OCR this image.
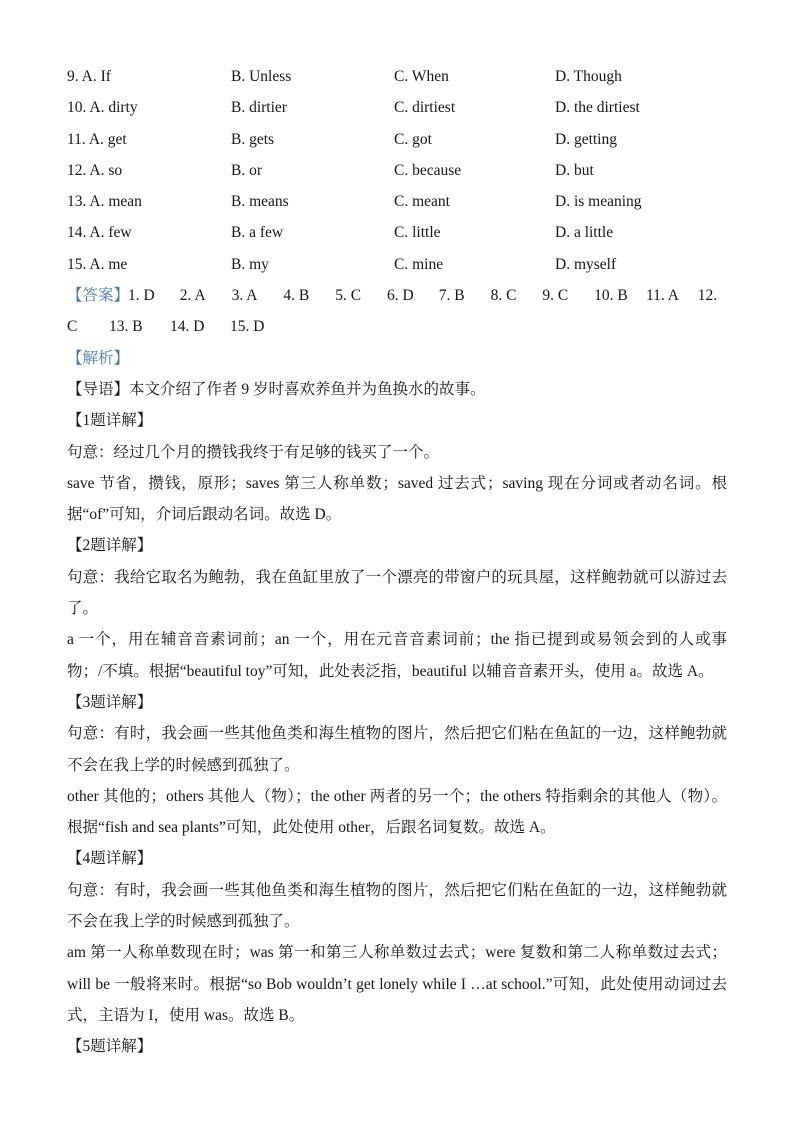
9. A. If	B. Unless	C. When	D. Though
10. A. dirty	B. dirtier	C. dirtiest	D. the dirtiest
11. A. get	B. gets	C. got	D. getting
12. A. so	B. or	C. because	D. but
13. A. mean	B. means	C. meant	D. is meaning
14. A. few	B. a few	C. little	D. a little
15. A. me	B. my	C. mine	D. myself
【答案】1. D 2. A 3. A 4. B 5. C 6. D 7. B 8. C 9. C 10. B 11. A 12.
C 13. B 14. D 15. D
【解析】
【导语】本文介绍了作者 9 岁时喜欢养鱼并为鱼换水的故事。
【1题详解】
句意：经过几个月的攒钱我终于有足够的钱买了一个。
save 节省，攒钱，原形；saves 第三人称单数；saved 过去式；saving 现在分词或者动名词。根据“of”可知，介词后跟动名词。故选 D。
【2题详解】
句意：我给它取名为鲍勃，我在鱼缸里放了一个漂亮的带窗户的玩具屋，这样鲍勃就可以游过去了。
a 一个，用在辅音音素词前；an 一个，用在元音音素词前；the 指已提到或易领会到的人或事物；/不填。根据“beautiful toy”可知，此处表泛指，beautiful 以辅音音素开头，使用 a。故选 A。
【3题详解】
句意：有时，我会画一些其他鱼类和海生植物的图片，然后把它们粘在鱼缸的一边，这样鲍勃就不会在我上学的时候感到孤独了。
other 其他的；others 其他人（物）；the other 两者的另一个；the others 特指剩余的其他人（物）。根据“fish and sea plants”可知，此处使用 other，后跟名词复数。故选 A。
【4题详解】
句意：有时，我会画一些其他鱼类和海生植物的图片，然后把它们粘在鱼缸的一边，这样鲍勃就不会在我上学的时候感到孤独了。
am 第一人称单数现在时；was 第一和第三人称单数过去式；were 复数和第二人称单数过去式；will be 一般将来时。根据“so Bob wouldn’t get lonely while I …at school.”可知，此处使用动词过去式，主语为 I，使用 was。故选 B。
【5题详解】
